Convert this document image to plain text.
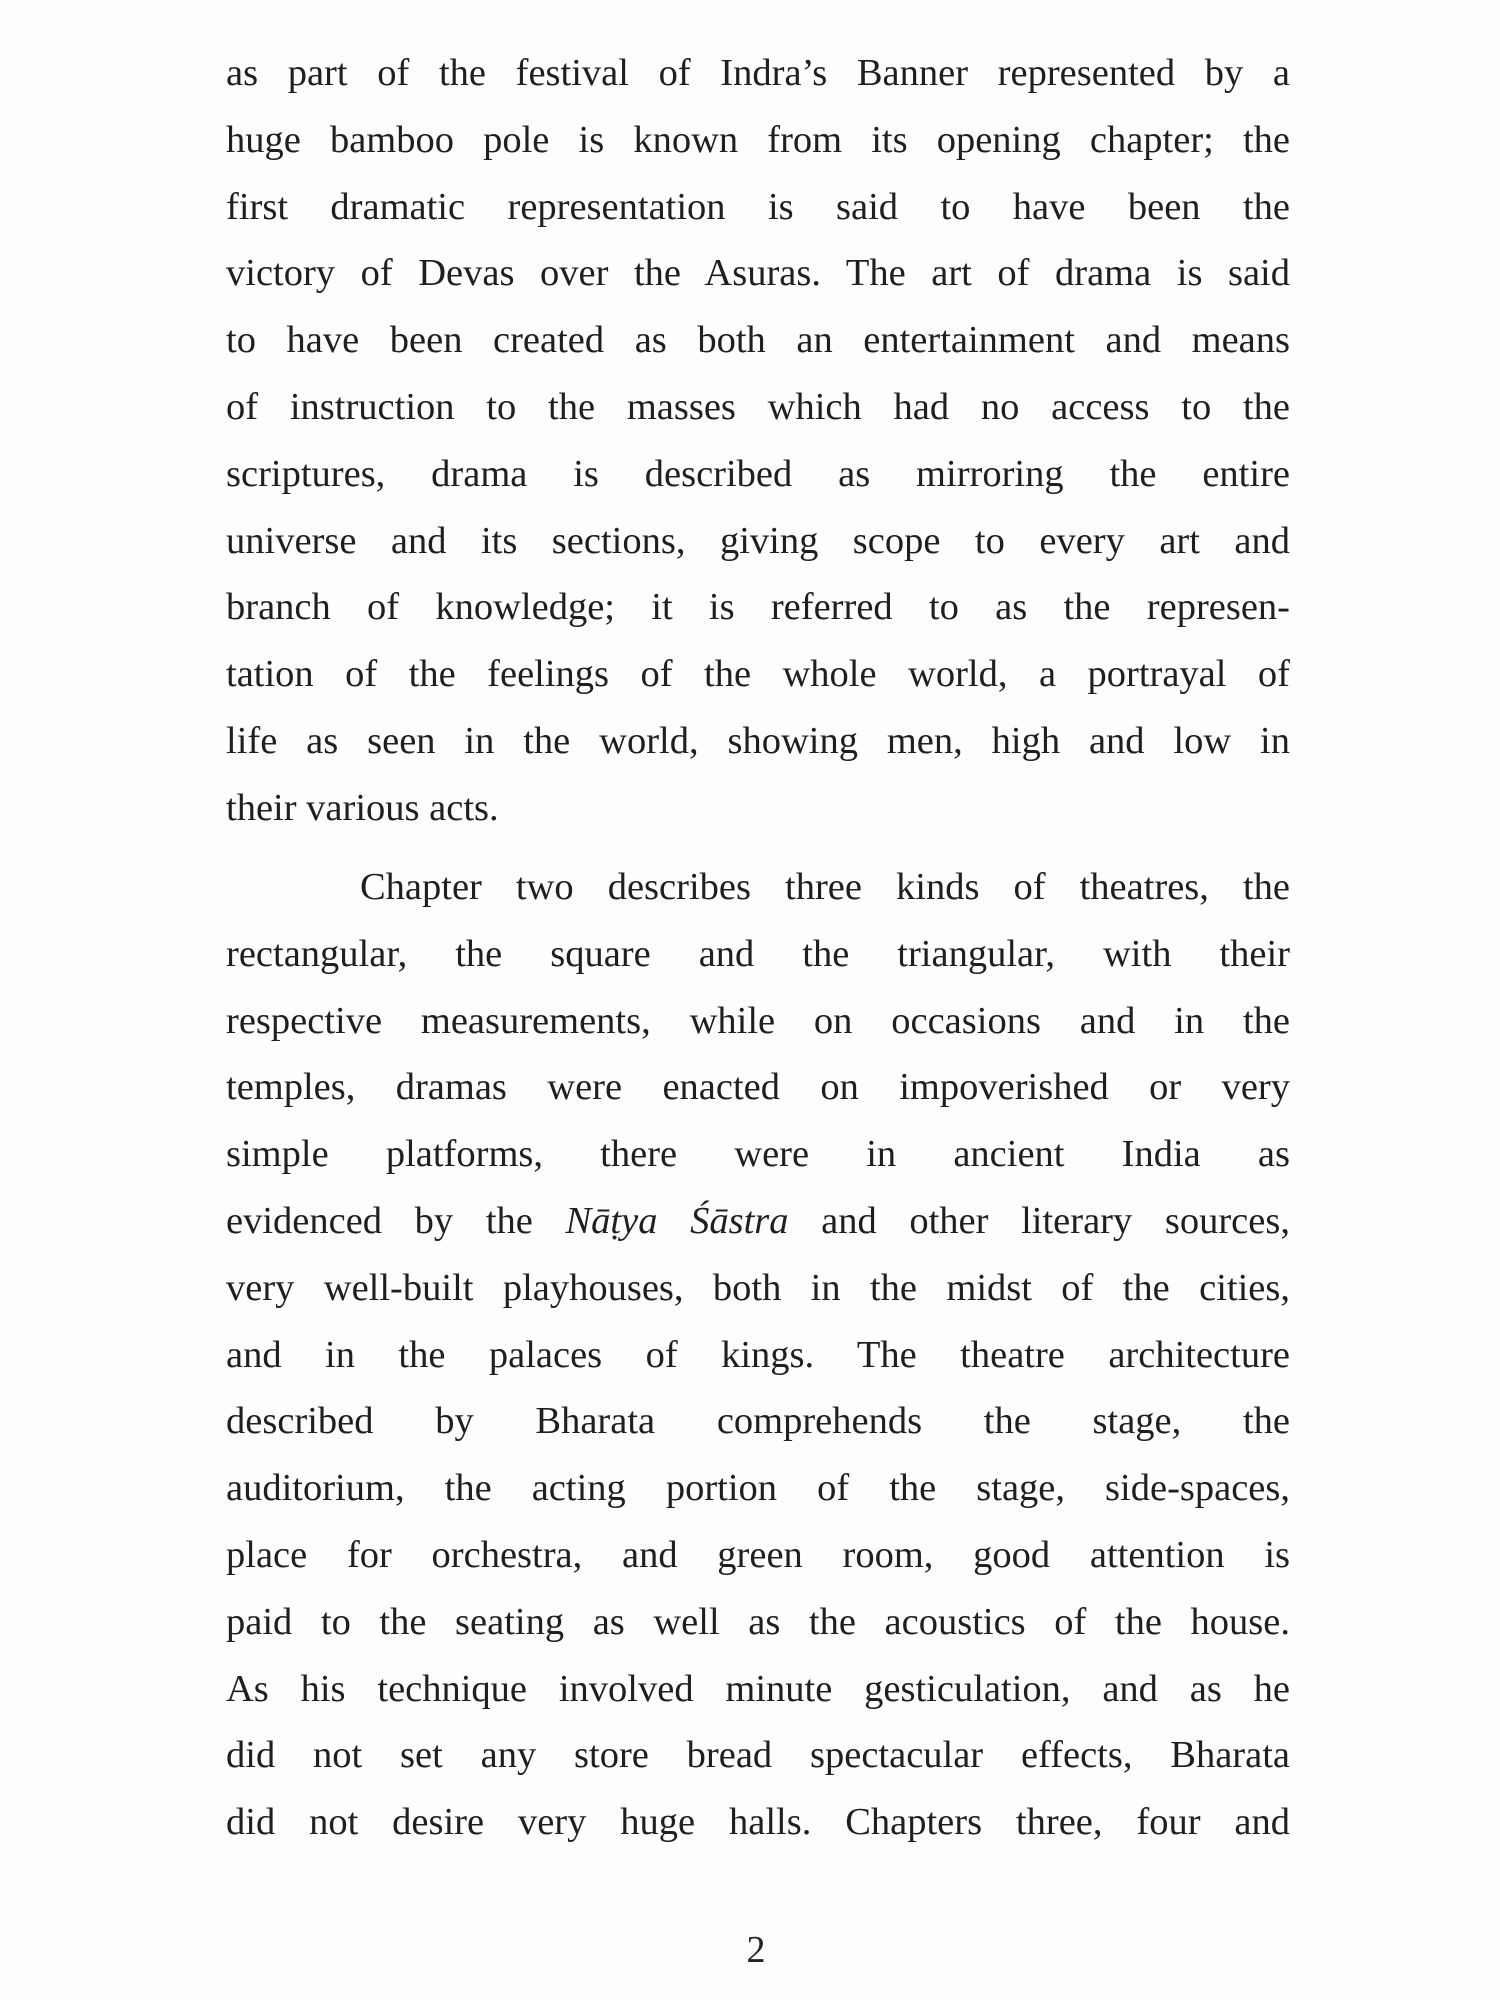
as part of the festival of Indra’s Banner represented by a
huge bamboo pole is known from its opening chapter; the
first dramatic representation is said to have been the
victory of Devas over the Asuras. The art of drama is said
to have been created as both an entertainment and means
of instruction to the masses which had no access to the
scriptures, drama is described as mirroring the entire
universe and its sections, giving scope to every art and
branch of knowledge; it is referred to as the represen-
tation of the feelings of the whole world, a portrayal of
life as seen in the world, showing men, high and low in
their various acts.
Chapter two describes three kinds of theatres, the
rectangular, the square and the triangular, with their
respective measurements, while on occasions and in the
temples, dramas were enacted on impoverished or very
simple platforms, there were in ancient India as
evidenced by the Nāṭya Śāstra and other literary sources,
very well-built playhouses, both in the midst of the cities,
and in the palaces of kings. The theatre architecture
described by Bharata comprehends the stage, the
auditorium, the acting portion of the stage, side-spaces,
place for orchestra, and green room, good attention is
paid to the seating as well as the acoustics of the house.
As his technique involved minute gesticulation, and as he
did not set any store bread spectacular effects, Bharata
did not desire very huge halls. Chapters three, four and
2
